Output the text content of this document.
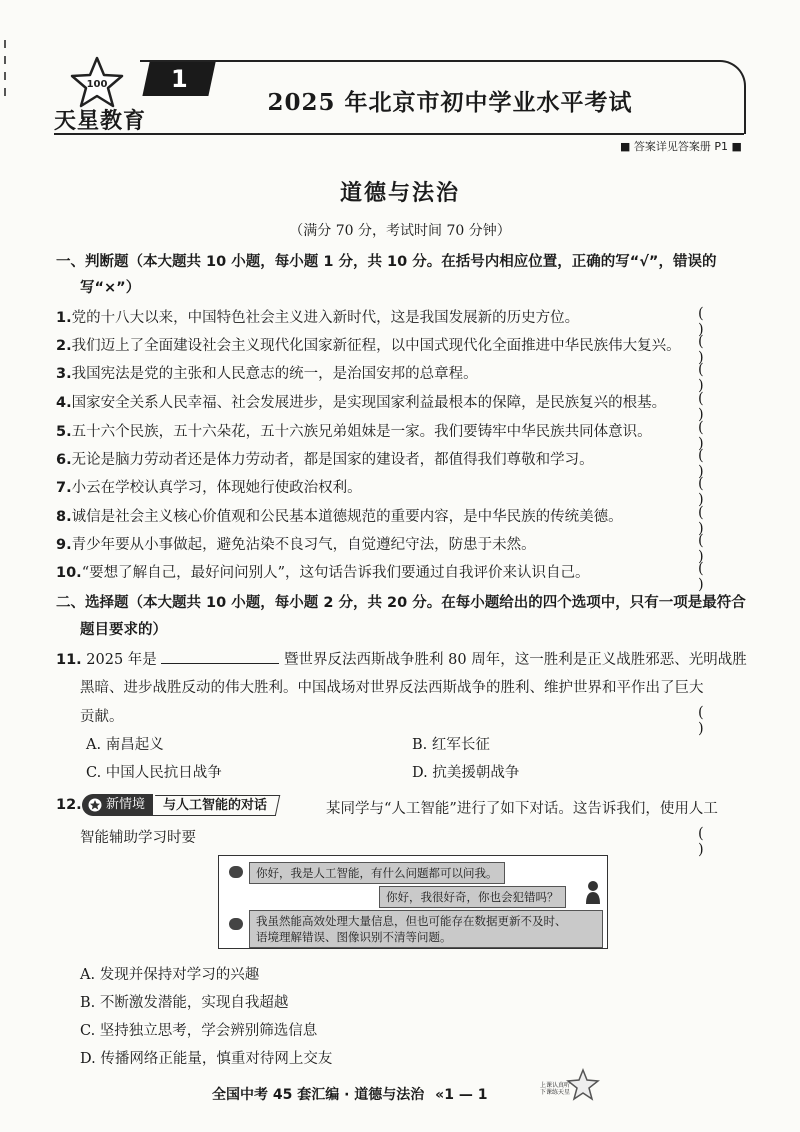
100
天星教育
1
2025 年北京市初中学业水平考试
■ 答案详见答案册 P1 ■
道德与法治
（满分 70 分，考试时间 70 分钟）
一、判断题（本大题共 10 小题，每小题 1 分，共 10 分。在括号内相应位置，正确的写“√”，错误的
写“×”）
1.党的十八大以来，中国特色社会主义进入新时代，这是我国发展新的历史方位。	( )
2.我们迈上了全面建设社会主义现代化国家新征程，以中国式现代化全面推进中华民族伟大复兴。 ( )
3.我国宪法是党的主张和人民意志的统一，是治国安邦的总章程。	( )
4.国家安全关系人民幸福、社会发展进步，是实现国家利益最根本的保障，是民族复兴的根基。 ( )
5.五十六个民族，五十六朵花，五十六族兄弟姐妹是一家。我们要铸牢中华民族共同体意识。	( )
6.无论是脑力劳动者还是体力劳动者，都是国家的建设者，都值得我们尊敬和学习。	( )
7.小云在学校认真学习，体现她行使政治权利。	( )
8.诚信是社会主义核心价值观和公民基本道德规范的重要内容，是中华民族的传统美德。	( )
9.青少年要从小事做起，避免沾染不良习气，自觉遵纪守法，防患于未然。	( )
10.“要想了解自己，最好问问别人”，这句话告诉我们要通过自我评价来认识自己。	( )
二、选择题（本大题共 10 小题，每小题 2 分，共 20 分。在每小题给出的四个选项中，只有一项是最符合
题目要求的）
11. 2025 年是	暨世界反法西斯战争胜利 80 周年，这一胜利是正义战胜邪恶、光明战胜
黑暗、进步战胜反动的伟大胜利。中国战场对世界反法西斯战争的胜利、维护世界和平作出了巨大
贡献。	( )
A. 南昌起义	B. 红军长征
C. 中国人民抗日战争	D. 抗美援朝战争
12. 新情境	与人工智能的对话	某同学与“人工智能”进行了如下对话。这告诉我们，使用人工
智能辅助学习时要	( )
你好，我是人工智能，有什么问题都可以问我。
你好，我很好奇，你也会犯错吗？
我虽然能高效处理大量信息，但也可能存在数据更新不及时、
语境理解错误、图像识别不清等问题。
A. 发现并保持对学习的兴趣
B. 不断激发潜能，实现自我超越
C. 坚持独立思考，学会辨别筛选信息
D. 传播网络正能量，慎重对待网上交友
全国中考 45 套汇编 · 道德与法治 «1 — 1
上课认真听
下课练天星
